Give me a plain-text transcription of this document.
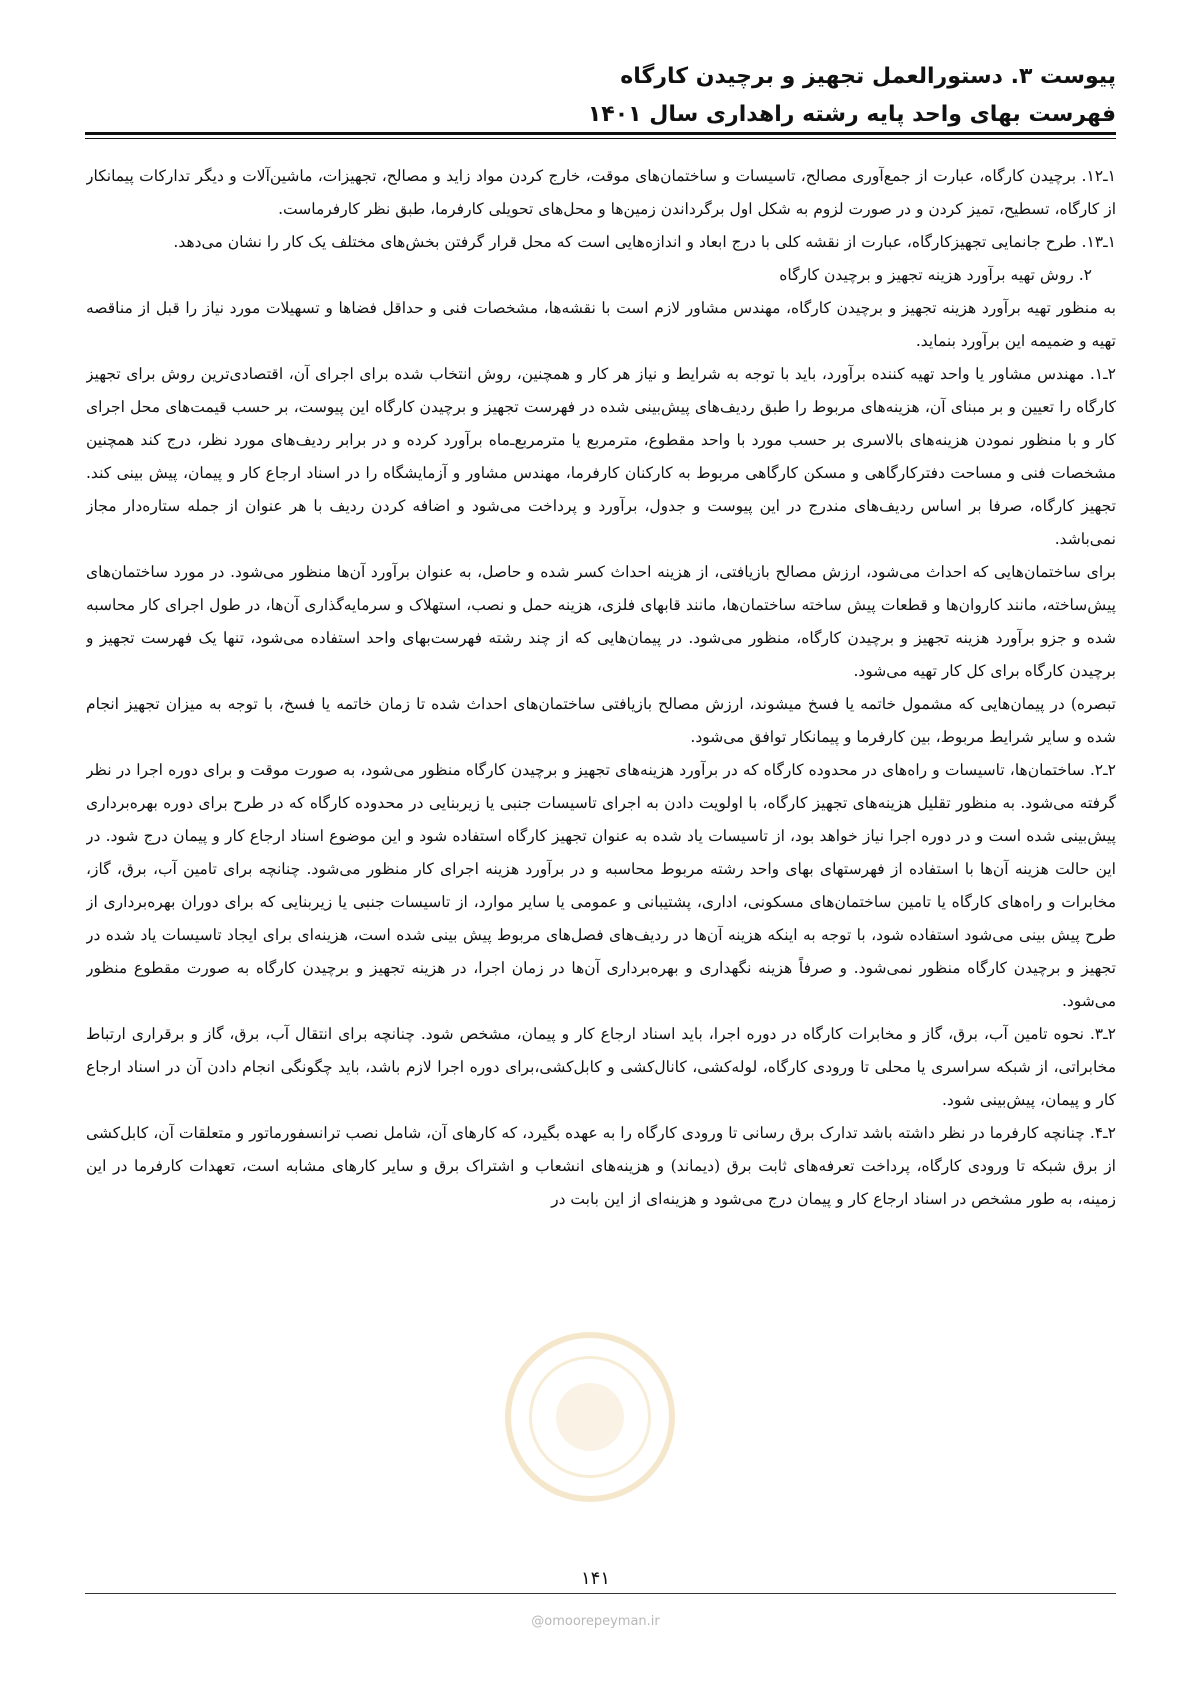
پیوست ۳. دستورالعمل تجهیز و برچیدن کارگاه
فهرست بهای واحد پایه رشته راهداری سال ۱۴۰۱

۱ـ۱۲. برچیدن کارگاه، عبارت از جمع‌آوری مصالح، تاسیسات و ساختمان‌های موقت، خارج کردن مواد زاید و مصالح، تجهیزات، ماشین‌آلات و دیگر تدارکات پیمانکار از کارگاه، تسطیح، تمیز کردن و در صورت لزوم به شکل اول برگرداندن زمین‌ها و محل‌های تحویلی کارفرما، طبق نظر کارفرماست.

۱ـ۱۳. طرح جانمایی تجهیزکارگاه، عبارت از نقشه کلی با درج ابعاد و اندازه‌هایی است که محل قرار گرفتن بخش‌های مختلف یک کار را نشان می‌دهد.

۲. روش تهیه برآورد هزینه تجهیز و برچیدن کارگاه

به منظور تهیه برآورد هزینه تجهیز و برچیدن کارگاه، مهندس مشاور لازم است با نقشه‌ها، مشخصات فنی و حداقل فضاها و تسهیلات مورد نیاز را قبل از مناقصه تهیه و ضمیمه این برآورد بنماید.

۲ـ۱. مهندس مشاور یا واحد تهیه کننده برآورد، باید با توجه به شرایط و نیاز هر کار و همچنین، روش انتخاب شده برای اجرای آن، اقتصادی‌ترین روش برای تجهیز کارگاه را تعیین و بر مبنای آن، هزینه‌های مربوط را طبق ردیف‌های پیش‌بینی شده در فهرست تجهیز و برچیدن کارگاه این پیوست، بر حسب قیمت‌های محل اجرای کار و با منظور نمودن هزینه‌های بالاسری بر حسب مورد با واحد مقطوع، مترمربع یا مترمربع‌ـ‌ماه برآورد کرده و در برابر ردیف‌های مورد نظر، درج کند همچنین مشخصات فنی و مساحت دفترکارگاهی و مسکن کارگاهی مربوط به کارکنان کارفرما، مهندس مشاور و آزمایشگاه را در اسناد ارجاع کار و پیمان، پیش بینی کند. تجهیز کارگاه، صرفا بر اساس ردیف‌های مندرج در این پیوست و جدول، برآورد و پرداخت می‌شود و اضافه کردن ردیف با هر عنوان از جمله ستاره‌دار مجاز نمی‌باشد.

برای ساختمان‌هایی که احداث می‌شود، ارزش مصالح بازیافتی، از هزینه احداث کسر شده و حاصل، به عنوان برآورد آن‌ها منظور می‌شود. در مورد ساختمان‌های پیش‌ساخته، مانند کاروان‌ها و قطعات پیش ساخته ساختمان‌ها، مانند قابهای فلزی، هزینه حمل و نصب، استهلاک و سرمایه‌گذاری آن‌ها، در طول اجرای کار محاسبه شده و جزو برآورد هزینه تجهیز و برچیدن کارگاه، منظور می‌شود. در پیمان‌هایی که از چند رشته فهرست‌بهای واحد استفاده می‌شود، تنها یک فهرست تجهیز و برچیدن کارگاه برای کل کار تهیه می‌شود.

تبصره) در پیمان‌هایی که مشمول خاتمه یا فسخ میشوند، ارزش مصالح بازیافتی ساختمان‌های احداث شده تا زمان خاتمه یا فسخ، با توجه به میزان تجهیز انجام شده و سایر شرایط مربوط، بین کارفرما و پیمانکار توافق می‌شود.

۲ـ۲. ساختمان‌ها، تاسیسات و راه‌های در محدوده کارگاه که در برآورد هزینه‌های تجهیز و برچیدن کارگاه منظور می‌شود، به صورت موقت و برای دوره اجرا در نظر گرفته می‌شود. به منظور تقلیل هزینه‌های تجهیز کارگاه، با اولویت دادن به اجرای تاسیسات جنبی یا زیربنایی در محدوده کارگاه که در طرح برای دوره بهره‌برداری پیش‌بینی شده است و در دوره اجرا نیاز خواهد بود، از تاسیسات یاد شده به عنوان تجهیز کارگاه استفاده شود و این موضوع اسناد ارجاع کار و پیمان درج شود. در این حالت هزینه آن‌ها با استفاده از فهرستهای بهای واحد رشته مربوط محاسبه و در برآورد هزینه اجرای کار منظور می‌شود. چنانچه برای تامین آب، برق، گاز، مخابرات و راه‌های کارگاه یا تامین ساختمان‌های مسکونی، اداری، پشتیبانی و عمومی یا سایر موارد، از تاسیسات جنبی یا زیربنایی که برای دوران بهره‌برداری از طرح پیش بینی می‌شود استفاده شود، با توجه به اینکه هزینه آن‌ها در ردیف‌های فصل‌های مربوط پیش بینی شده است، هزینه‌ای برای ایجاد تاسیسات یاد شده در تجهیز و برچیدن کارگاه منظور نمی‌شود. و صرفاً هزینه نگهداری و بهره‌برداری آن‌ها در زمان اجرا، در هزینه تجهیز و برچیدن کارگاه به صورت مقطوع منظور می‌شود.

۲ـ۳. نحوه تامین آب، برق، گاز و مخابرات کارگاه در دوره اجرا، باید اسناد ارجاع کار و پیمان، مشخص شود. چنانچه برای انتقال آب، برق، گاز و برقراری ارتباط مخابراتی، از شبکه سراسری یا محلی تا ورودی کارگاه، لوله‌کشی، کانال‌کشی و کابل‌کشی،برای دوره اجرا لازم باشد، باید چگونگی انجام دادن آن در اسناد ارجاع کار و پیمان، پیش‌بینی شود.

۲ـ۴. چنانچه کارفرما در نظر داشته باشد تدارک برق رسانی تا ورودی کارگاه را به عهده بگیرد، که کارهای آن، شامل نصب ترانسفورماتور و متعلقات آن، کابل‌کشی از برق شبکه تا ورودی کارگاه، پرداخت تعرفه‌های ثابت برق (دیماند) و هزینه‌های انشعاب و اشتراک برق و سایر کارهای مشابه است، تعهدات کارفرما در این زمینه، به طور مشخص در اسناد ارجاع کار و پیمان درج می‌شود و هزینه‌ای از این بابت در

۱۴۱
@omoorepeyman.ir
